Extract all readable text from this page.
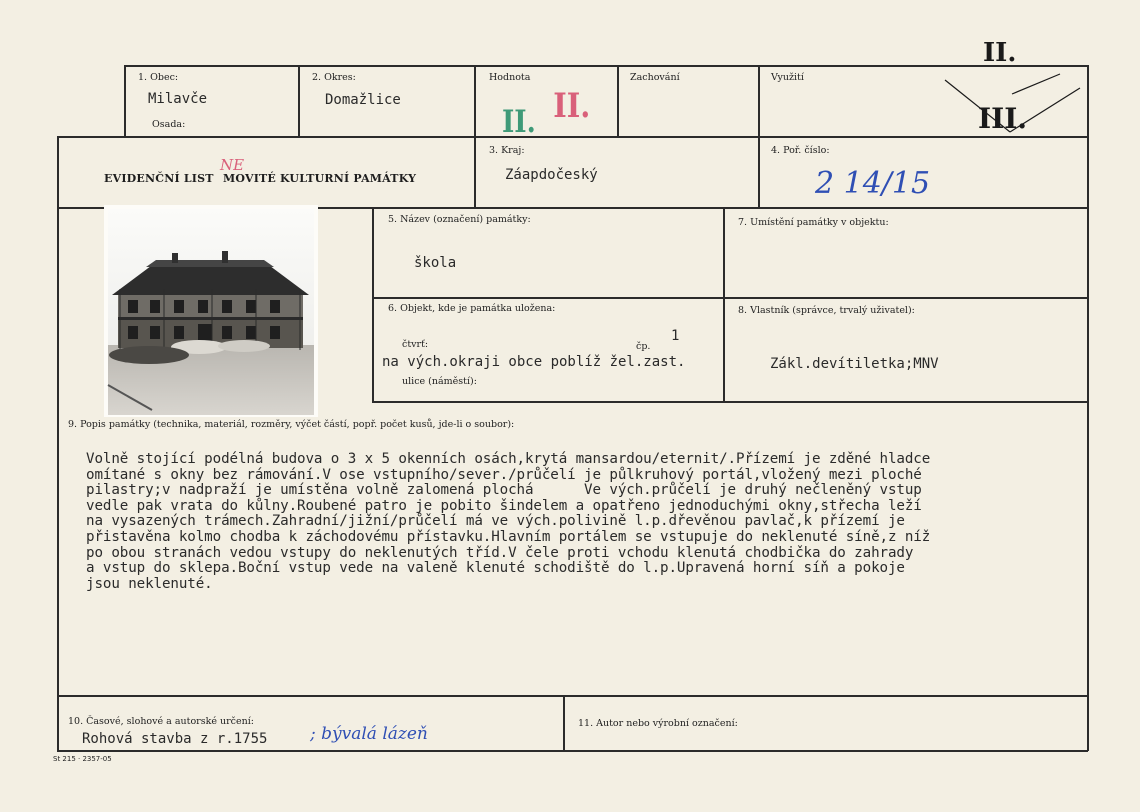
1. Obec:
Milavče
Osada:
2. Okres:
Domažlice
Hodnota
II. II.
Zachování	Využití
II.
III.
EVIDENČNÍ LIST
NE
MOVITÉ KULTURNÍ PAMÁTKY
3. Kraj:
Záapdočeský
4. Poř. číslo:
2 14/15
5. Název (označení) památky:
škola
7. Umístění památky v objektu:
6. Objekt, kde je památka uložena:
čtvrť:	čp.
1
na vých.okraji obce poblíž žel.zast.
ulice (náměstí):
8. Vlastník (správce, trvalý uživatel):
Zákl.devítiletka;MNV
9. Popis památky (technika, materiál, rozměry, výčet částí, popř. počet kusů, jde-li o soubor):
Volně stojící podélná budova o 3 x 5 okenních osách,krytá mansardou/eternit/.Přízemí je zděné hladce
omítané s okny bez rámování.V ose vstupního/sever./průčelí je půlkruhový portál,vložený mezi ploché
pilastry;v nadpraží je umístěna volně zalomená plochá      Ve vých.průčelí je druhý nečleněný vstup
vedle pak vrata do kůlny.Roubené patro je pobito šindelem a opatřeno jednoduchými okny,střecha leží
na vysazených trámech.Zahradní/jižní/průčelí má ve vých.polivině l.p.dřevěnou pavlač,k přízemí je
přistavěna kolmo chodba k záchodovému přístavku.Hlavním portálem se vstupuje do neklenuté síně,z níž
po obou stranách vedou vstupy do neklenutých tříd.V čele proti vchodu klenutá chodbička do zahrady
a vstup do sklepa.Boční vstup vede na valeně klenuté schodiště do l.p.Upravená horní síň a pokoje
jsou neklenuté.
10. Časové, slohové a autorské určení:
Rohová stavba z r.1755	; bývalá lázeň
11. Autor nebo výrobní označení:
St 215 · 2357-05
